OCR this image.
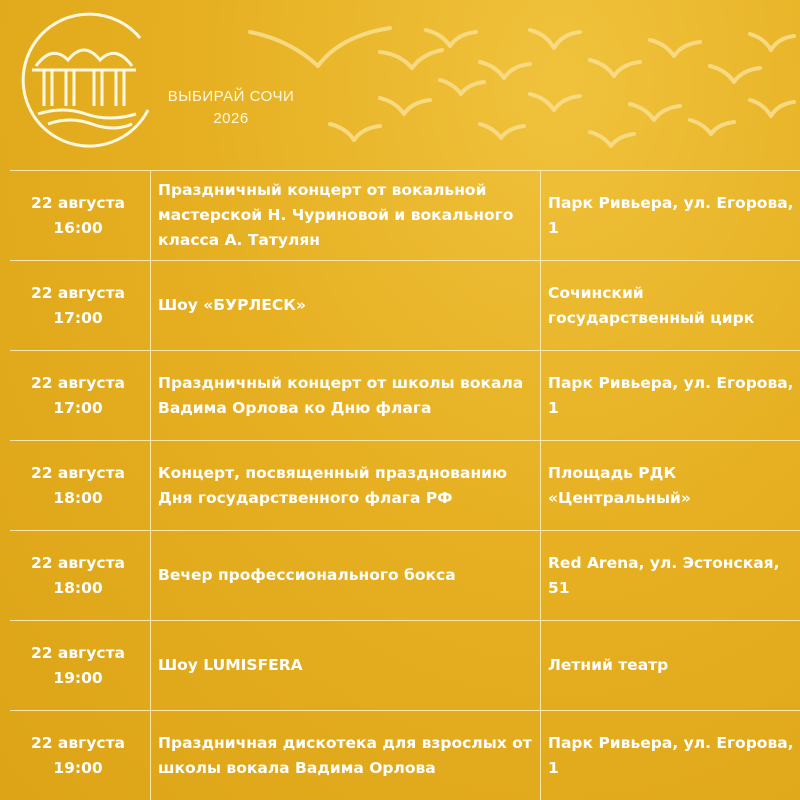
ВЫБИРАЙ СОЧИ
2026
22 августа
16:00
Праздничный концерт от вокальной мастерской Н. Чуриновой и вокального класса А. Татулян
Парк Ривьера, ул. Егорова, 1
22 августа
17:00
Шоу «БУРЛЕСК»
Сочинский государственный цирк
22 августа
17:00
Праздничный концерт от школы вокала Вадима Орлова ко Дню флага
Парк Ривьера, ул. Егорова, 1
22 августа
18:00
Концерт, посвященный празднованию Дня государственного флага РФ
Площадь РДК «Центральный»
22 августа
18:00
Вечер профессионального бокса
Red Arena, ул. Эстонская, 51
22 августа
19:00
Шоу LUMISFERA	Летний театр
22 августа
19:00
Праздничная дискотека для взрослых от школы вокала Вадима Орлова
Парк Ривьера, ул. Егорова, 1
